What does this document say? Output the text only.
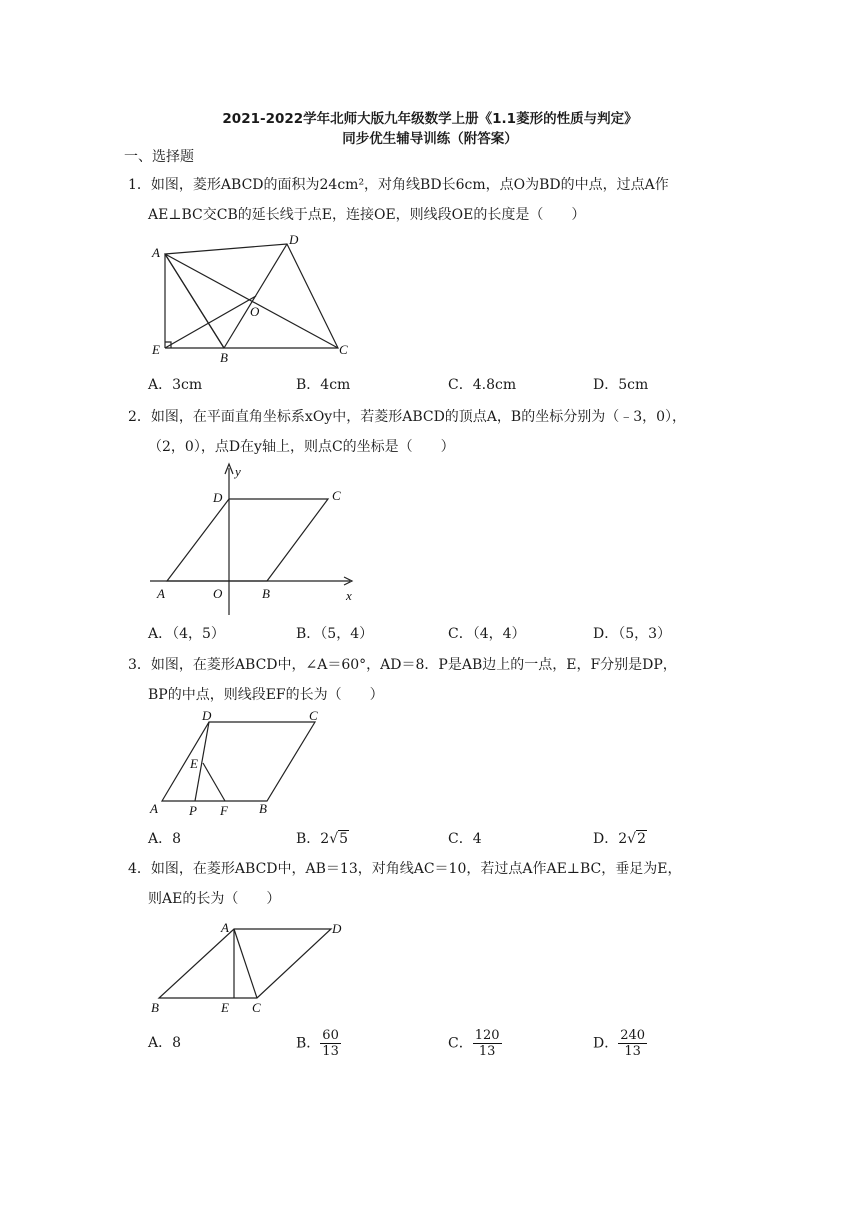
2021-2022学年北师大版九年级数学上册《1.1菱形的性质与判定》
同步优生辅导训练（附答案）
一、选择题
1．如图，菱形ABCD的面积为24cm²，对角线BD长6cm，点O为BD的中点，过点A作
AE⊥BC交CB的延长线于点E，连接OE，则线段OE的长度是（　　）
A
D
O
E
B
C
A．3cm	B．4cm	C．4.8cm	D．5cm
2．如图，在平面直角坐标系xOy中，若菱形ABCD的顶点A，B的坐标分别为（﹣3，0），
（2，0），点D在y轴上，则点C的坐标是（　　）
y
D	C
A	O	B	x
A．（4，5）	B．（5，4）	C．（4，4）	D．（5，3）
3．如图，在菱形ABCD中，∠A＝60°，AD＝8．P是AB边上的一点，E，F分别是DP，
BP的中点，则线段EF的长为（　　）
D	C
E
A P F B
A．8	B．2√5	C．4	D．2√2
4．如图，在菱形ABCD中，AB＝13，对角线AC＝10，若过点A作AE⊥BC，垂足为E，
则AE的长为（　　）
A	D
B	E C
A．8	B． $\frac{60}{13}$	C． $\frac{120}{13}$	D． $\frac{240}{13}$
